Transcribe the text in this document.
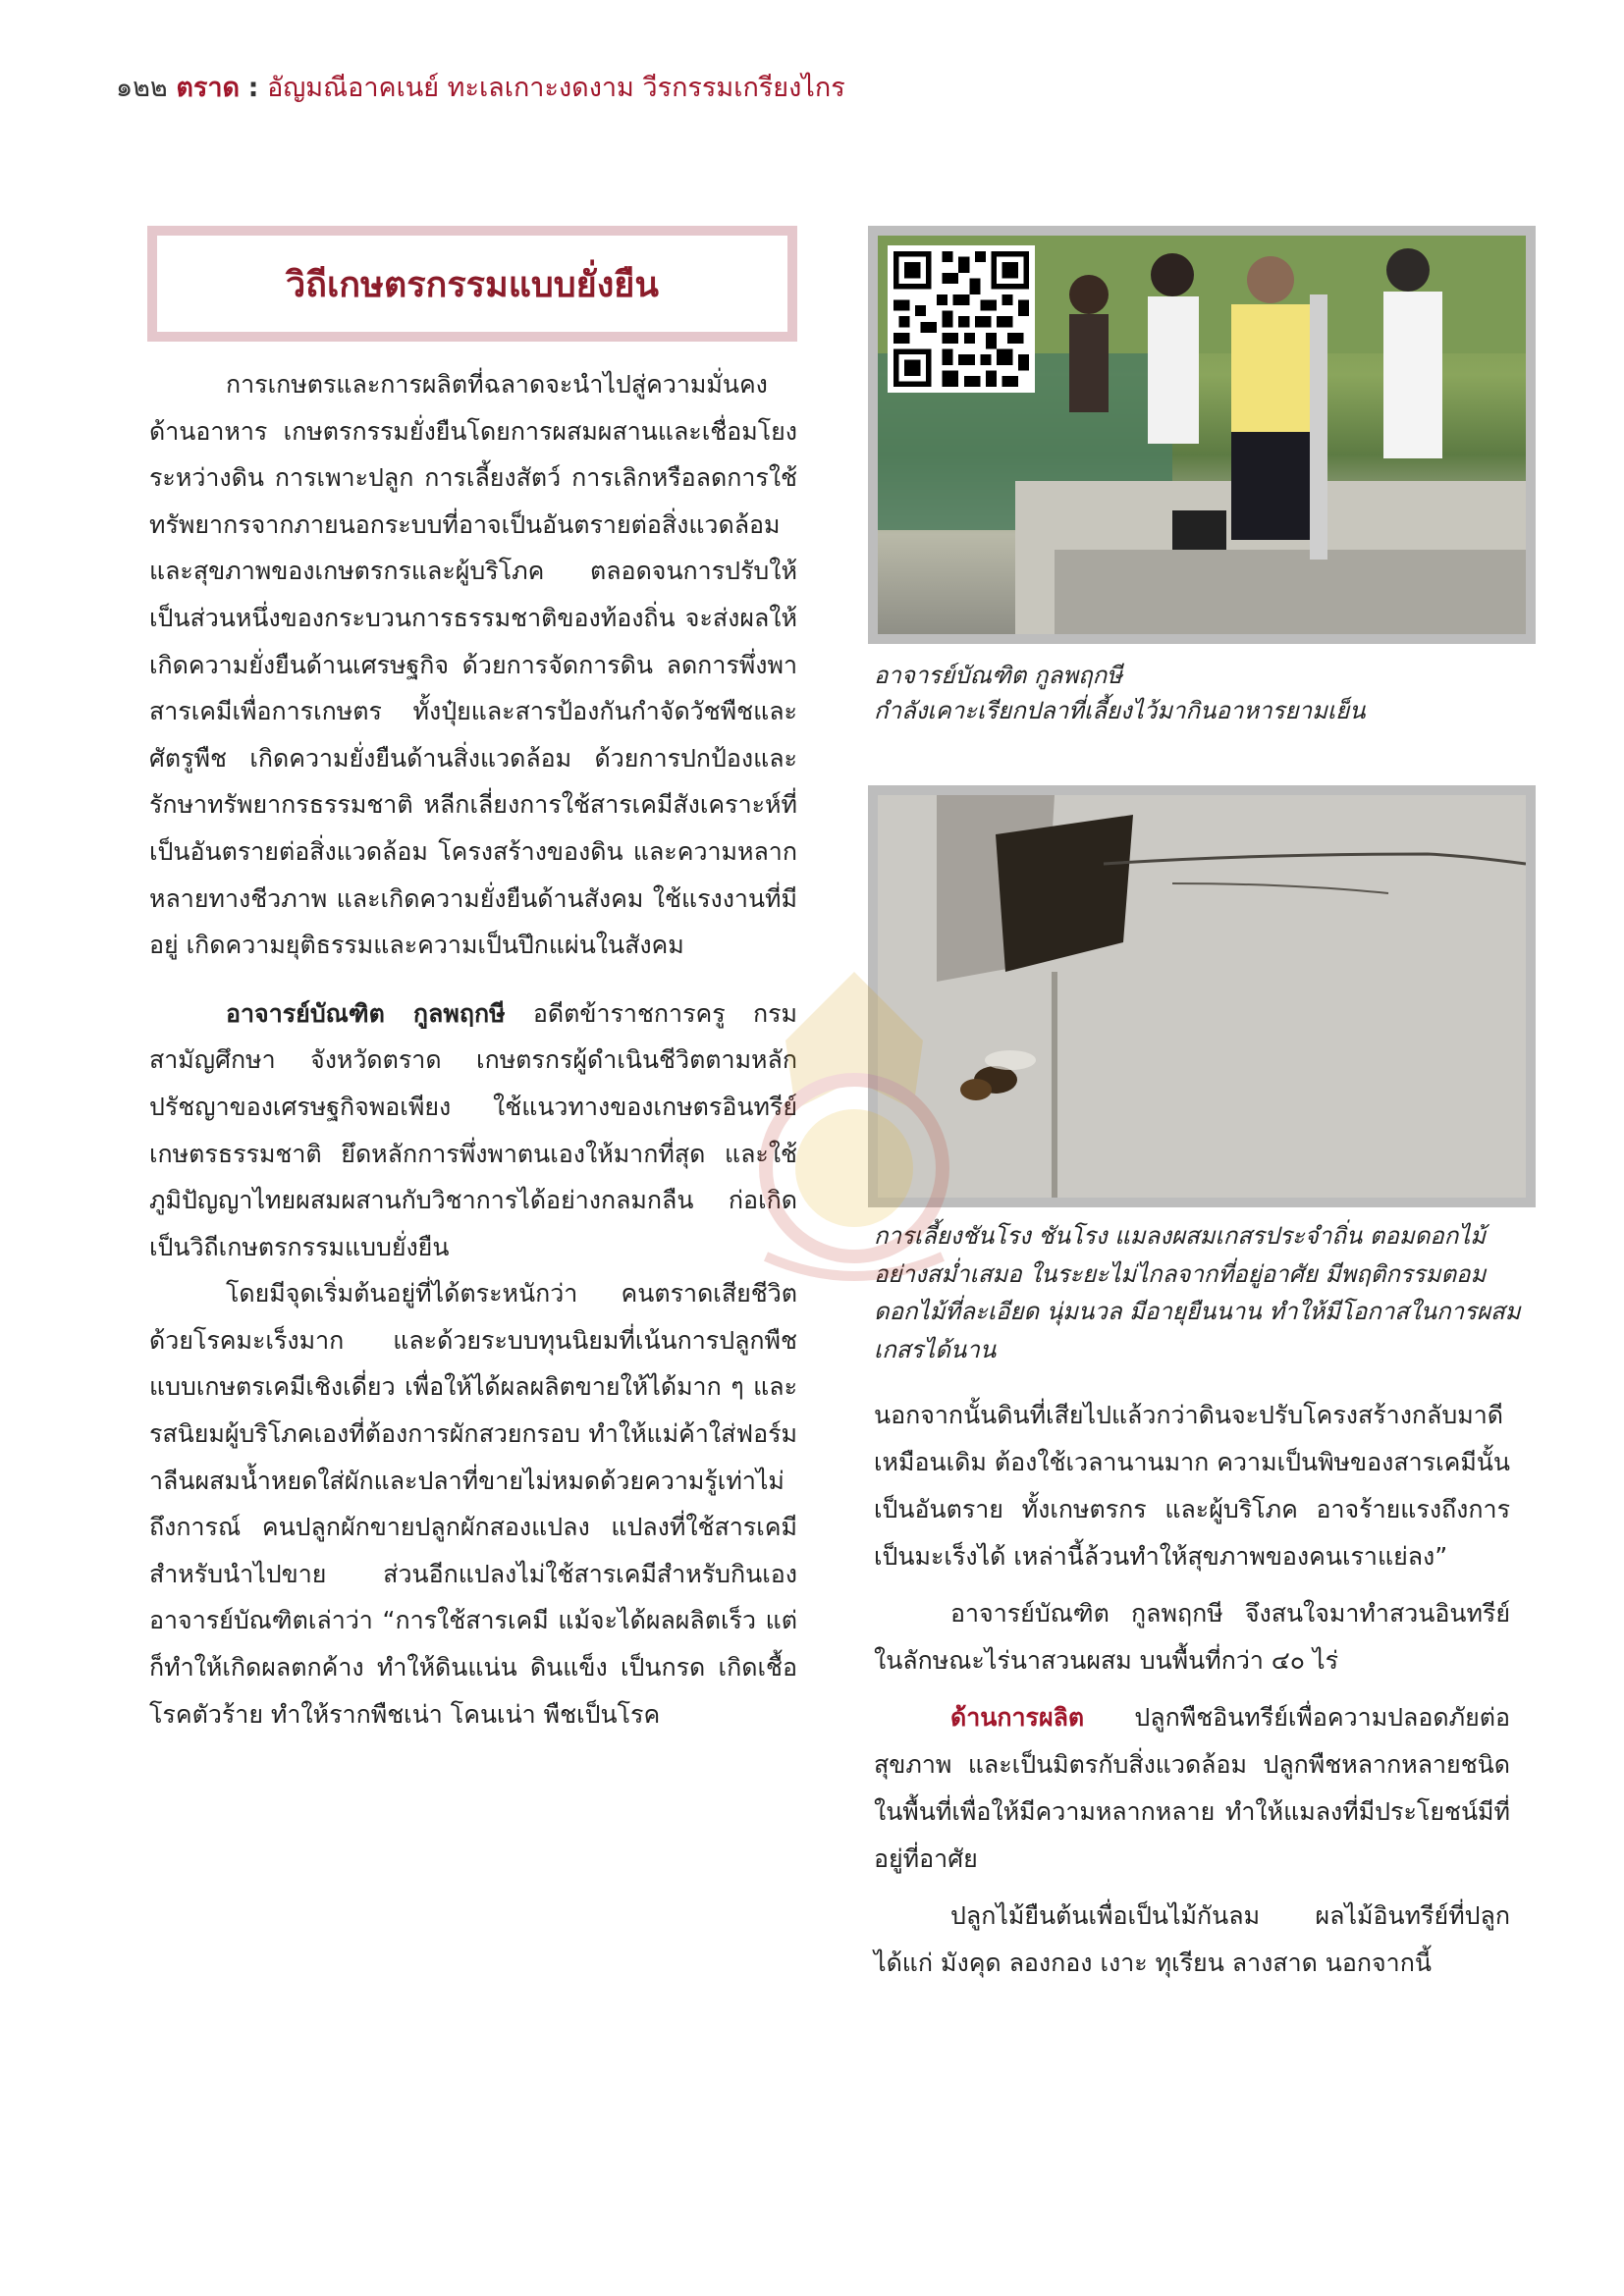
๑๒๒ ตราด : อัญมณีอาคเนย์ ทะเลเกาะงดงาม วีรกรรมเกรียงไกร
วิถีเกษตรกรรมแบบยั่งยืน

การเกษตรและการผลิตที่ฉลาดจะนำไปสู่ความมั่นคงด้านอาหาร เกษตรกรรมยั่งยืนโดยการผสมผสานและเชื่อมโยงระหว่างดิน การเพาะปลูก การเลี้ยงสัตว์ การเลิกหรือลดการใช้ทรัพยากรจากภายนอกระบบที่อาจเป็นอันตรายต่อสิ่งแวดล้อมและสุขภาพของเกษตรกรและผู้บริโภค ตลอดจนการปรับให้เป็นส่วนหนึ่งของกระบวนการธรรมชาติของท้องถิ่น จะส่งผลให้เกิดความยั่งยืนด้านเศรษฐกิจ ด้วยการจัดการดิน ลดการพึ่งพาสารเคมีเพื่อการเกษตร ทั้งปุ๋ยและสารป้องกันกำจัดวัชพืชและศัตรูพืช เกิดความยั่งยืนด้านสิ่งแวดล้อม ด้วยการปกป้องและรักษาทรัพยากรธรรมชาติ หลีกเลี่ยงการใช้สารเคมีสังเคราะห์ที่เป็นอันตรายต่อสิ่งแวดล้อม โครงสร้างของดิน และความหลากหลายทางชีวภาพ และเกิดความยั่งยืนด้านสังคม ใช้แรงงานที่มีอยู่ เกิดความยุติธรรมและความเป็นปึกแผ่นในสังคม

อาจารย์บัณฑิต กูลพฤกษี อดีตข้าราชการครู กรมสามัญศึกษา จังหวัดตราด เกษตรกรผู้ดำเนินชีวิตตามหลักปรัชญาของเศรษฐกิจพอเพียง ใช้แนวทางของเกษตรอินทรีย์ เกษตรธรรมชาติ ยึดหลักการพึ่งพาตนเองให้มากที่สุด และใช้ภูมิปัญญาไทยผสมผสานกับวิชาการได้อย่างกลมกลืน ก่อเกิดเป็นวิถีเกษตรกรรมแบบยั่งยืน

โดยมีจุดเริ่มต้นอยู่ที่ได้ตระหนักว่า คนตราดเสียชีวิตด้วยโรคมะเร็งมาก และด้วยระบบทุนนิยมที่เน้นการปลูกพืชแบบเกษตรเคมีเชิงเดี่ยว เพื่อให้ได้ผลผลิตขายให้ได้มาก ๆ และรสนิยมผู้บริโภคเองที่ต้องการผักสวยกรอบ ทำให้แม่ค้าใส่ฟอร์มาลีนผสมน้ำหยดใส่ผักและปลาที่ขายไม่หมดด้วยความรู้เท่าไม่ถึงการณ์ คนปลูกผักขายปลูกผักสองแปลง แปลงที่ใช้สารเคมีสำหรับนำไปขาย ส่วนอีกแปลงไม่ใช้สารเคมีสำหรับกินเอง อาจารย์บัณฑิตเล่าว่า “การใช้สารเคมี แม้จะได้ผลผลิตเร็ว แต่ก็ทำให้เกิดผลตกค้าง ทำให้ดินแน่น ดินแข็ง เป็นกรด เกิดเชื้อโรคตัวร้าย ทำให้รากพืชเน่า โคนเน่า พืชเป็นโรค

อาจารย์บัณฑิต กูลพฤกษี
กำลังเคาะเรียกปลาที่เลี้ยงไว้มากินอาหารยามเย็น
การเลี้ยงชันโรง ชันโรง แมลงผสมเกสรประจำถิ่น ตอมดอกไม้อย่างสม่ำเสมอ ในระยะไม่ไกลจากที่อยู่อาศัย มีพฤติกรรมตอมดอกไม้ที่ละเอียด นุ่มนวล มีอายุยืนนาน ทำให้มีโอกาสในการผสมเกสรได้นาน

นอกจากนั้นดินที่เสียไปแล้วกว่าดินจะปรับโครงสร้างกลับมาดีเหมือนเดิม ต้องใช้เวลานานมาก ความเป็นพิษของสารเคมีนั้นเป็นอันตราย ทั้งเกษตรกร และผู้บริโภค อาจร้ายแรงถึงการเป็นมะเร็งได้ เหล่านี้ล้วนทำให้สุขภาพของคนเราแย่ลง”

อาจารย์บัณฑิต กูลพฤกษี จึงสนใจมาทำสวนอินทรีย์ ในลักษณะไร่นาสวนผสม บนพื้นที่กว่า ๔๐ ไร่

ด้านการผลิต ปลูกพืชอินทรีย์เพื่อความปลอดภัยต่อสุขภาพ และเป็นมิตรกับสิ่งแวดล้อม ปลูกพืชหลากหลายชนิด ในพื้นที่เพื่อให้มีความหลากหลาย ทำให้แมลงที่มีประโยชน์มีที่อยู่ที่อาศัย

ปลูกไม้ยืนต้นเพื่อเป็นไม้กันลม ผลไม้อินทรีย์ที่ปลูกได้แก่ มังคุด ลองกอง เงาะ ทุเรียน ลางสาด นอกจากนี้
